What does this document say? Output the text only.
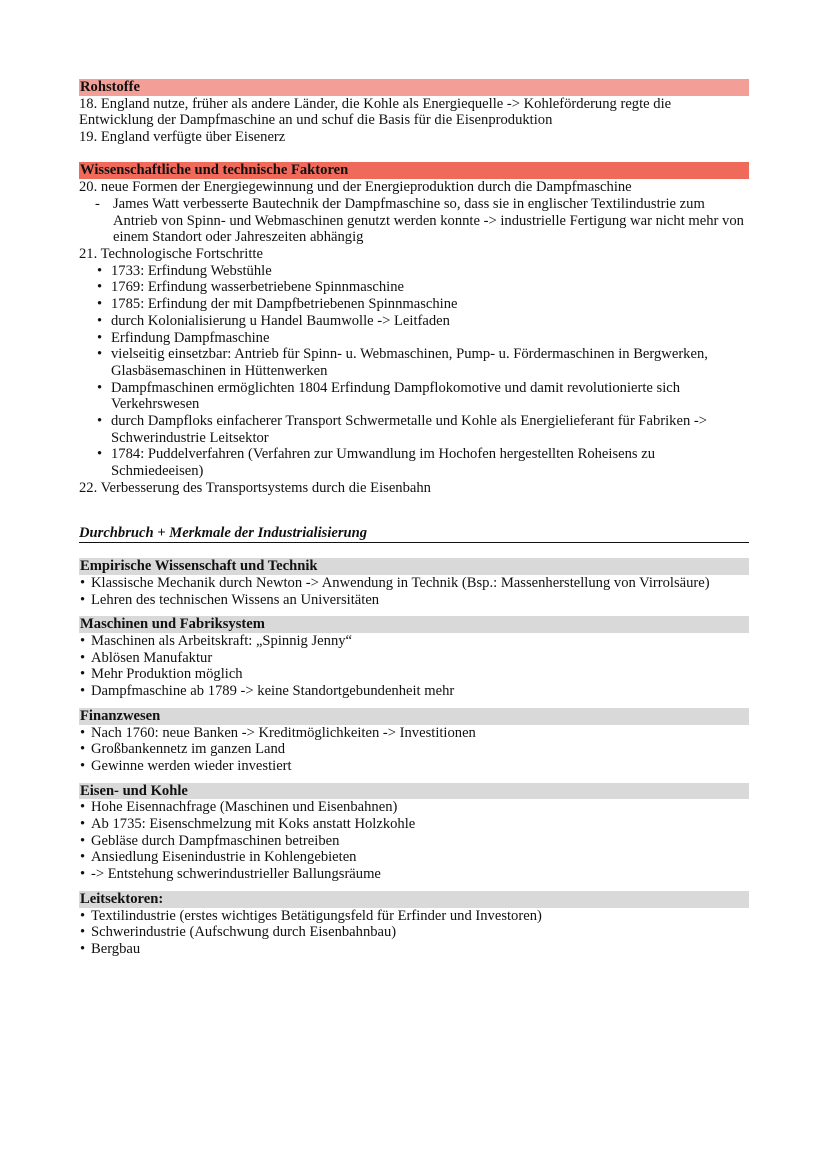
Rohstoffe

18. England nutze, früher als andere Länder, die Kohle als Energiequelle -> Kohleförderung regte die Entwicklung der Dampfmaschine an und schuf die Basis für die Eisenproduktion

19. England verfügte über Eisenerz

Wissenschaftliche und technische Faktoren

20. neue Formen der Energiegewinnung und der Energieproduktion durch die Dampfmaschine

- James Watt verbesserte Bautechnik der Dampfmaschine so, dass sie in englischer Textilindustrie zum Antrieb von Spinn- und Webmaschinen genutzt werden konnte -> industrielle Fertigung war nicht mehr von einem Standort oder Jahreszeiten abhängig

21. Technologische Fortschritte

• 1733: Erfindung Webstühle
• 1769: Erfindung wasserbetriebene Spinnmaschine
• 1785: Erfindung der mit Dampfbetriebenen Spinnmaschine
• durch Kolonialisierung u Handel Baumwolle -> Leitfaden
• Erfindung Dampfmaschine
• vielseitig einsetzbar: Antrieb für Spinn- u. Webmaschinen, Pump- u. Fördermaschinen in Bergwerken, Glasbäsemaschinen in Hüttenwerken
• Dampfmaschinen ermöglichten 1804 Erfindung Dampflokomotive und damit revolutionierte sich Verkehrswesen
• durch Dampfloks einfacherer Transport Schwermetalle und Kohle als Energielieferant für Fabriken -> Schwerindustrie Leitsektor
• 1784: Puddelverfahren (Verfahren zur Umwandlung im Hochofen hergestellten Roheisens zu Schmiedeeisen)

22. Verbesserung des Transportsystems durch die Eisenbahn

Durchbruch + Merkmale der Industrialisierung
Empirische Wissenschaft und Technik
• Klassische Mechanik durch Newton -> Anwendung in Technik (Bsp.: Massenherstellung von Virrolsäure)
• Lehren des technischen Wissens an Universitäten
Maschinen und Fabriksystem
• Maschinen als Arbeitskraft: „Spinnig Jenny“
• Ablösen Manufaktur
• Mehr Produktion möglich
• Dampfmaschine ab 1789 -> keine Standortgebundenheit mehr
Finanzwesen
• Nach 1760: neue Banken -> Kreditmöglichkeiten -> Investitionen
• Großbankennetz im ganzen Land
• Gewinne werden wieder investiert
Eisen- und Kohle
• Hohe Eisennachfrage (Maschinen und Eisenbahnen)
• Ab 1735: Eisenschmelzung mit Koks anstatt Holzkohle
• Gebläse durch Dampfmaschinen betreiben
• Ansiedlung Eisenindustrie in Kohlengebieten
• -> Entstehung schwerindustrieller Ballungsräume
Leitsektoren:
• Textilindustrie (erstes wichtiges Betätigungsfeld für Erfinder und Investoren)
• Schwerindustrie (Aufschwung durch Eisenbahnbau)
• Bergbau
